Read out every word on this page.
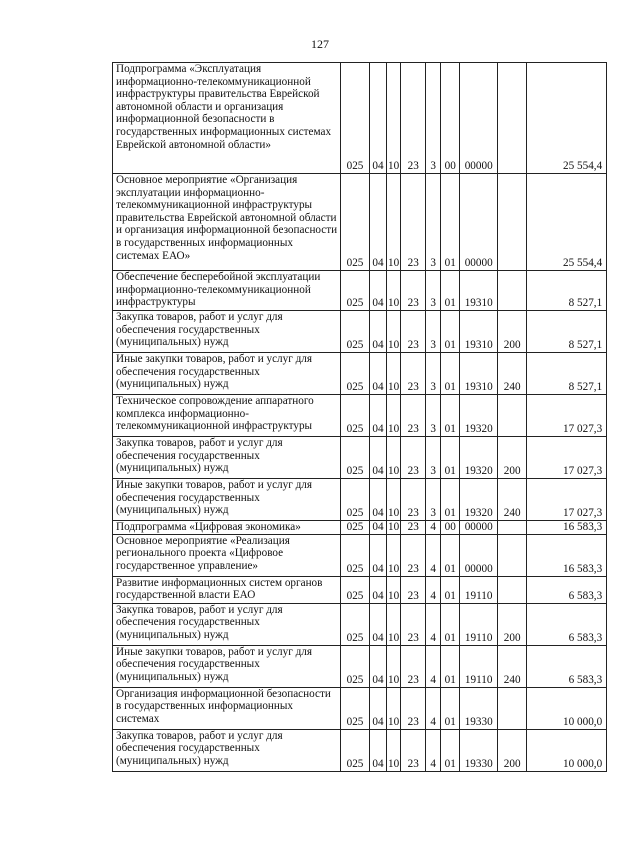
127
Подпрограмма «Эксплуатация информационно-телекоммуникационной инфраструктуры правительства Еврейской автономной области и организация информационной безопасности в государственных информационных системах Еврейской автономной области»	025	04	10	23	3	00	00000		25 554,4
Основное мероприятие «Организация эксплуатации информационно-телекоммуникационной инфраструктуры правительства Еврейской автономной области и организация информационной безопасности в государственных информационных системах ЕАО»	025	04	10	23	3	01	00000		25 554,4
Обеспечение бесперебойной эксплуатации информационно-телекоммуникационной инфраструктуры	025	04	10	23	3	01	19310		8 527,1
Закупка товаров, работ и услуг для обеспечения государственных (муниципальных) нужд	025	04	10	23	3	01	19310	200	8 527,1
Иные закупки товаров, работ и услуг для обеспечения государственных (муниципальных) нужд	025	04	10	23	3	01	19310	240	8 527,1
Техническое сопровождение аппаратного комплекса информационно-телекоммуникационной инфраструктуры	025	04	10	23	3	01	19320		17 027,3
Закупка товаров, работ и услуг для обеспечения государственных (муниципальных) нужд	025	04	10	23	3	01	19320	200	17 027,3
Иные закупки товаров, работ и услуг для обеспечения государственных (муниципальных) нужд	025	04	10	23	3	01	19320	240	17 027,3
Подпрограмма «Цифровая экономика»	025	04	10	23	4	00	00000		16 583,3
Основное мероприятие «Реализация регионального проекта «Цифровое государственное управление»	025	04	10	23	4	01	00000		16 583,3
Развитие информационных систем органов государственной власти ЕАО	025	04	10	23	4	01	19110		6 583,3
Закупка товаров, работ и услуг для обеспечения государственных (муниципальных) нужд	025	04	10	23	4	01	19110	200	6 583,3
Иные закупки товаров, работ и услуг для обеспечения государственных (муниципальных) нужд	025	04	10	23	4	01	19110	240	6 583,3
Организация информационной безопасности в государственных информационных системах	025	04	10	23	4	01	19330		10 000,0
Закупка товаров, работ и услуг для обеспечения государственных (муниципальных) нужд	025	04	10	23	4	01	19330	200	10 000,0
